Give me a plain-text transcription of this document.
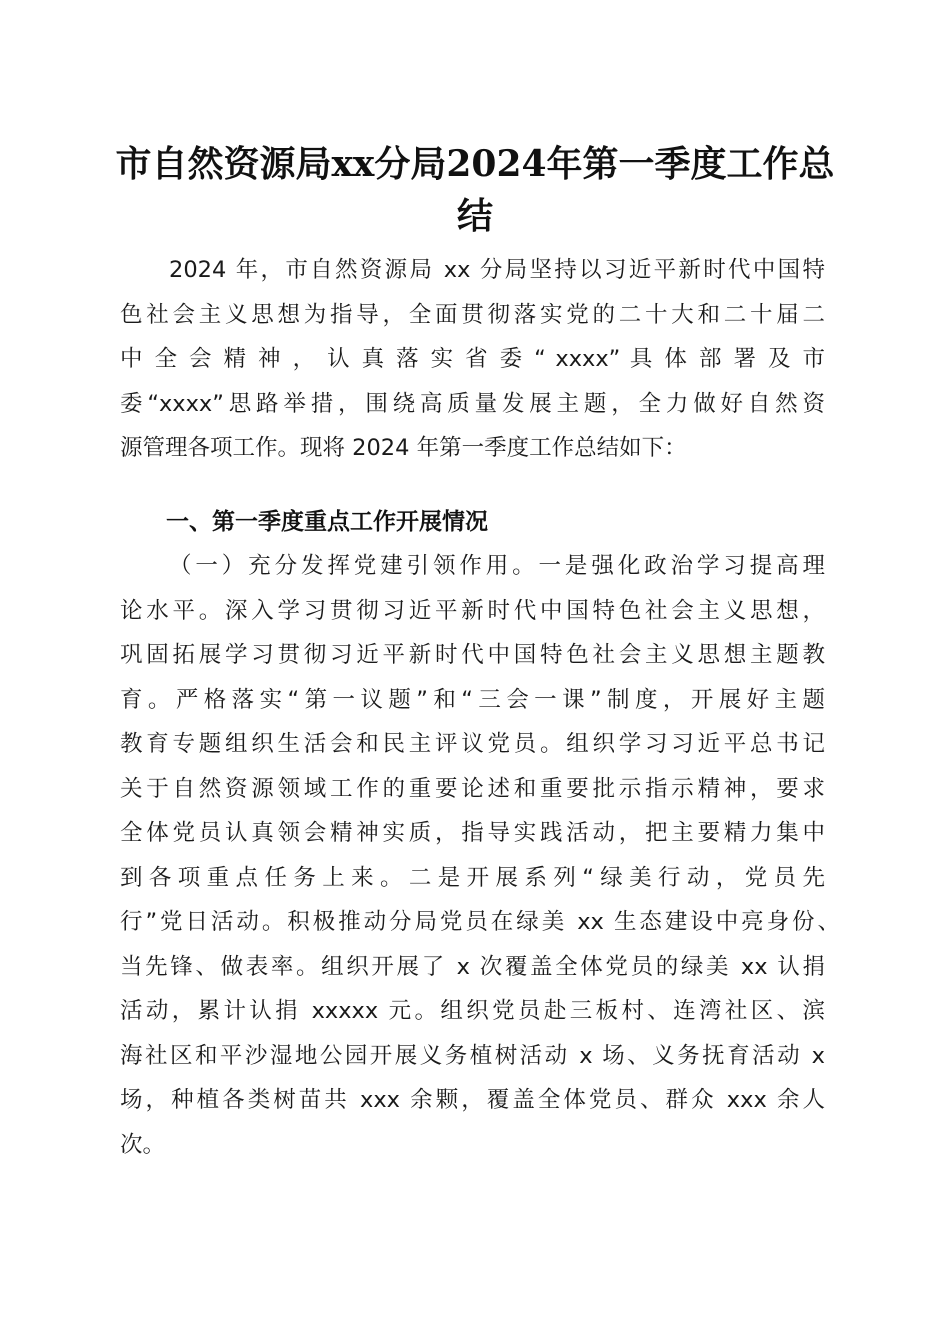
市自然资源局xx分局2024年第一季度工作总
结
2024 年，市自然资源局 xx 分局坚持以习近平新时代中国特
色社会主义思想为指导，全面贯彻落实党的二十大和二十届二
中 全 会 精 神 ， 认 真 落 实 省 委 “ xxxx” 具 体 部 署 及 市
委“xxxx”思路举措，围绕高质量发展主题，全力做好自然资
源管理各项工作。现将 2024 年第一季度工作总结如下：
一、第一季度重点工作开展情况
（一）充分发挥党建引领作用。一是强化政治学习提高理
论水平。深入学习贯彻习近平新时代中国特色社会主义思想，
巩固拓展学习贯彻习近平新时代中国特色社会主义思想主题教
育。严格落实“第一议题”和“三会一课”制度，开展好主题
教育专题组织生活会和民主评议党员。组织学习习近平总书记
关于自然资源领域工作的重要论述和重要批示指示精神，要求
全体党员认真领会精神实质，指导实践活动，把主要精力集中
到各项重点任务上来。二是开展系列“绿美行动，党员先
行”党日活动。积极推动分局党员在绿美 xx 生态建设中亮身份、
当先锋、做表率。组织开展了 x 次覆盖全体党员的绿美 xx 认捐
活动，累计认捐 xxxxx 元。组织党员赴三板村、连湾社区、滨
海社区和平沙湿地公园开展义务植树活动 x 场、义务抚育活动 x
场，种植各类树苗共 xxx 余颗，覆盖全体党员、群众 xxx 余人
次。
